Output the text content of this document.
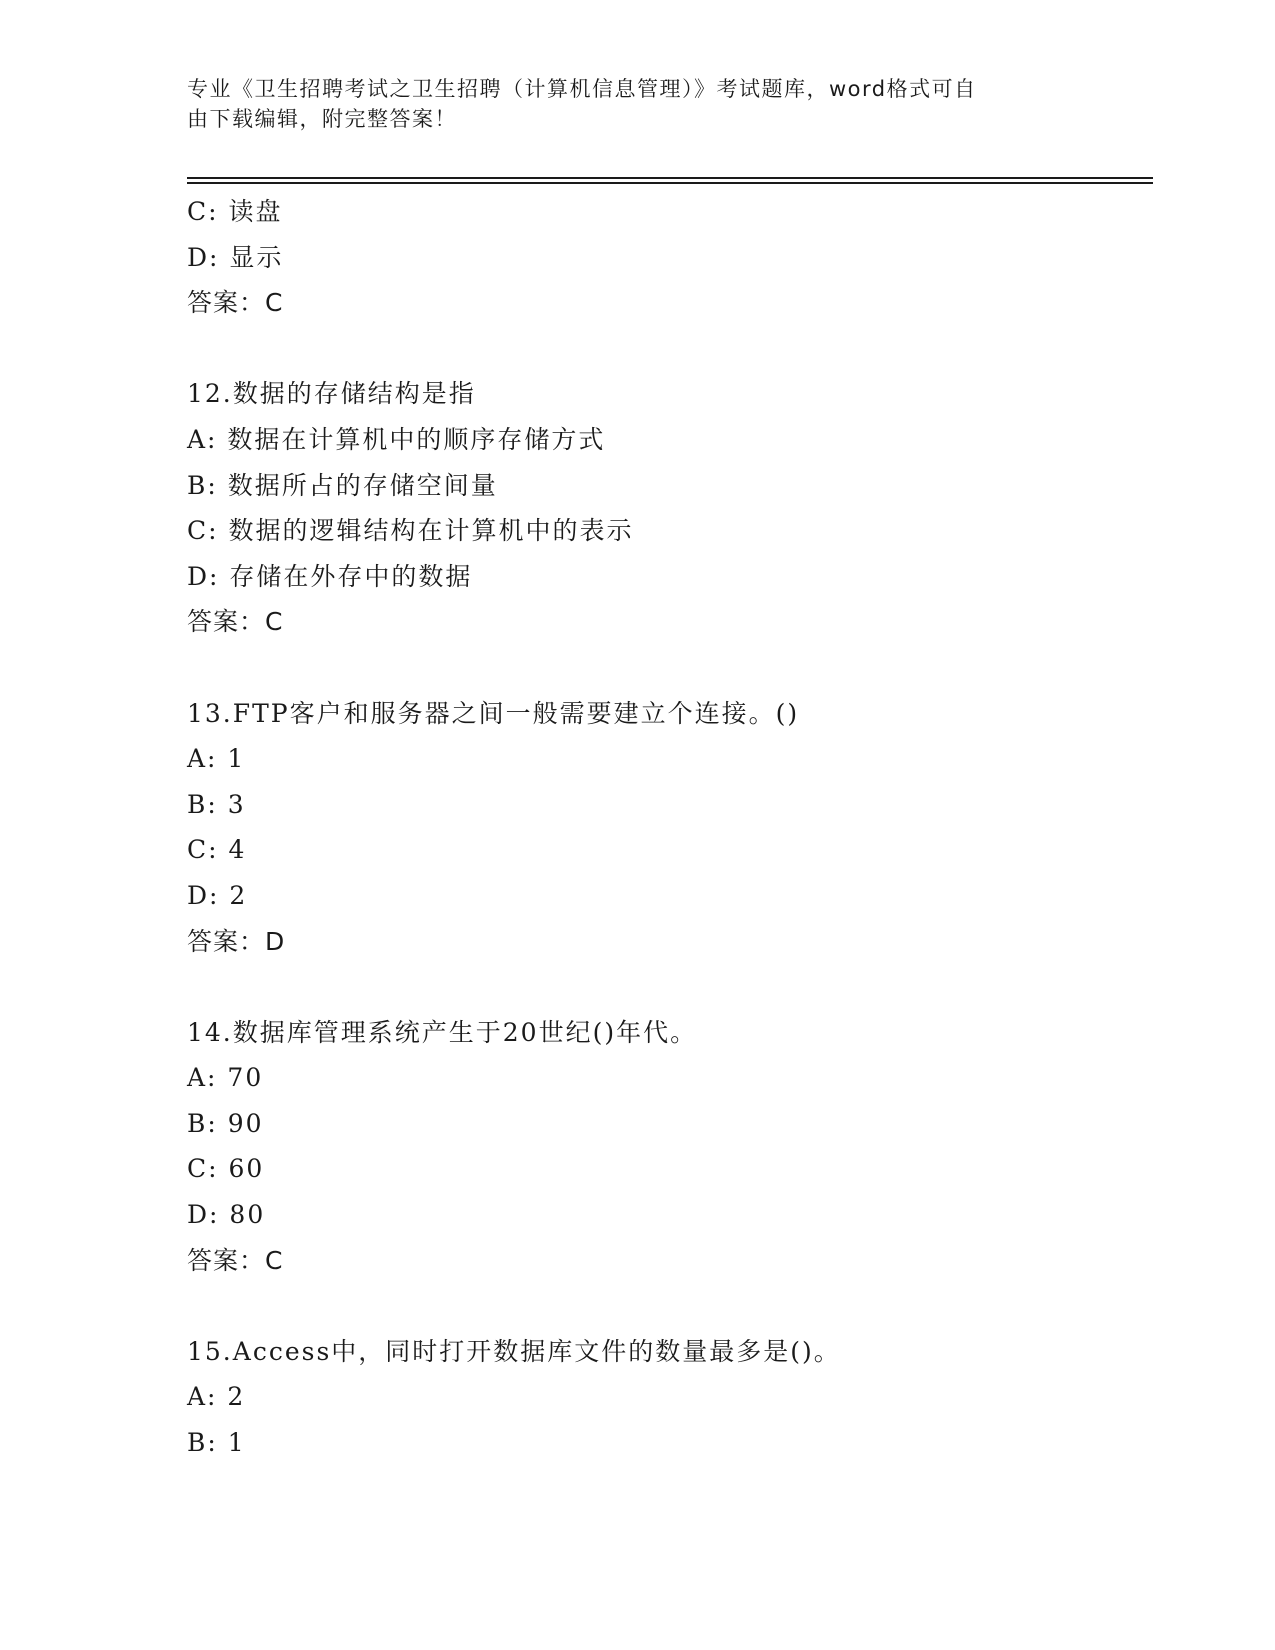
专业《卫生招聘考试之卫生招聘（计算机信息管理）》考试题库，word格式可自
由下载编辑，附完整答案！
C: 读盘
D: 显示
答案：C
12.数据的存储结构是指
A: 数据在计算机中的顺序存储方式
B: 数据所占的存储空间量
C: 数据的逻辑结构在计算机中的表示
D: 存储在外存中的数据
答案：C
13.FTP客户和服务器之间一般需要建立个连接。()
A: 1
B: 3
C: 4
D: 2
答案：D
14.数据库管理系统产生于20世纪()年代。
A: 70
B: 90
C: 60
D: 80
答案：C
15.Access中，同时打开数据库文件的数量最多是()。
A: 2
B: 1
